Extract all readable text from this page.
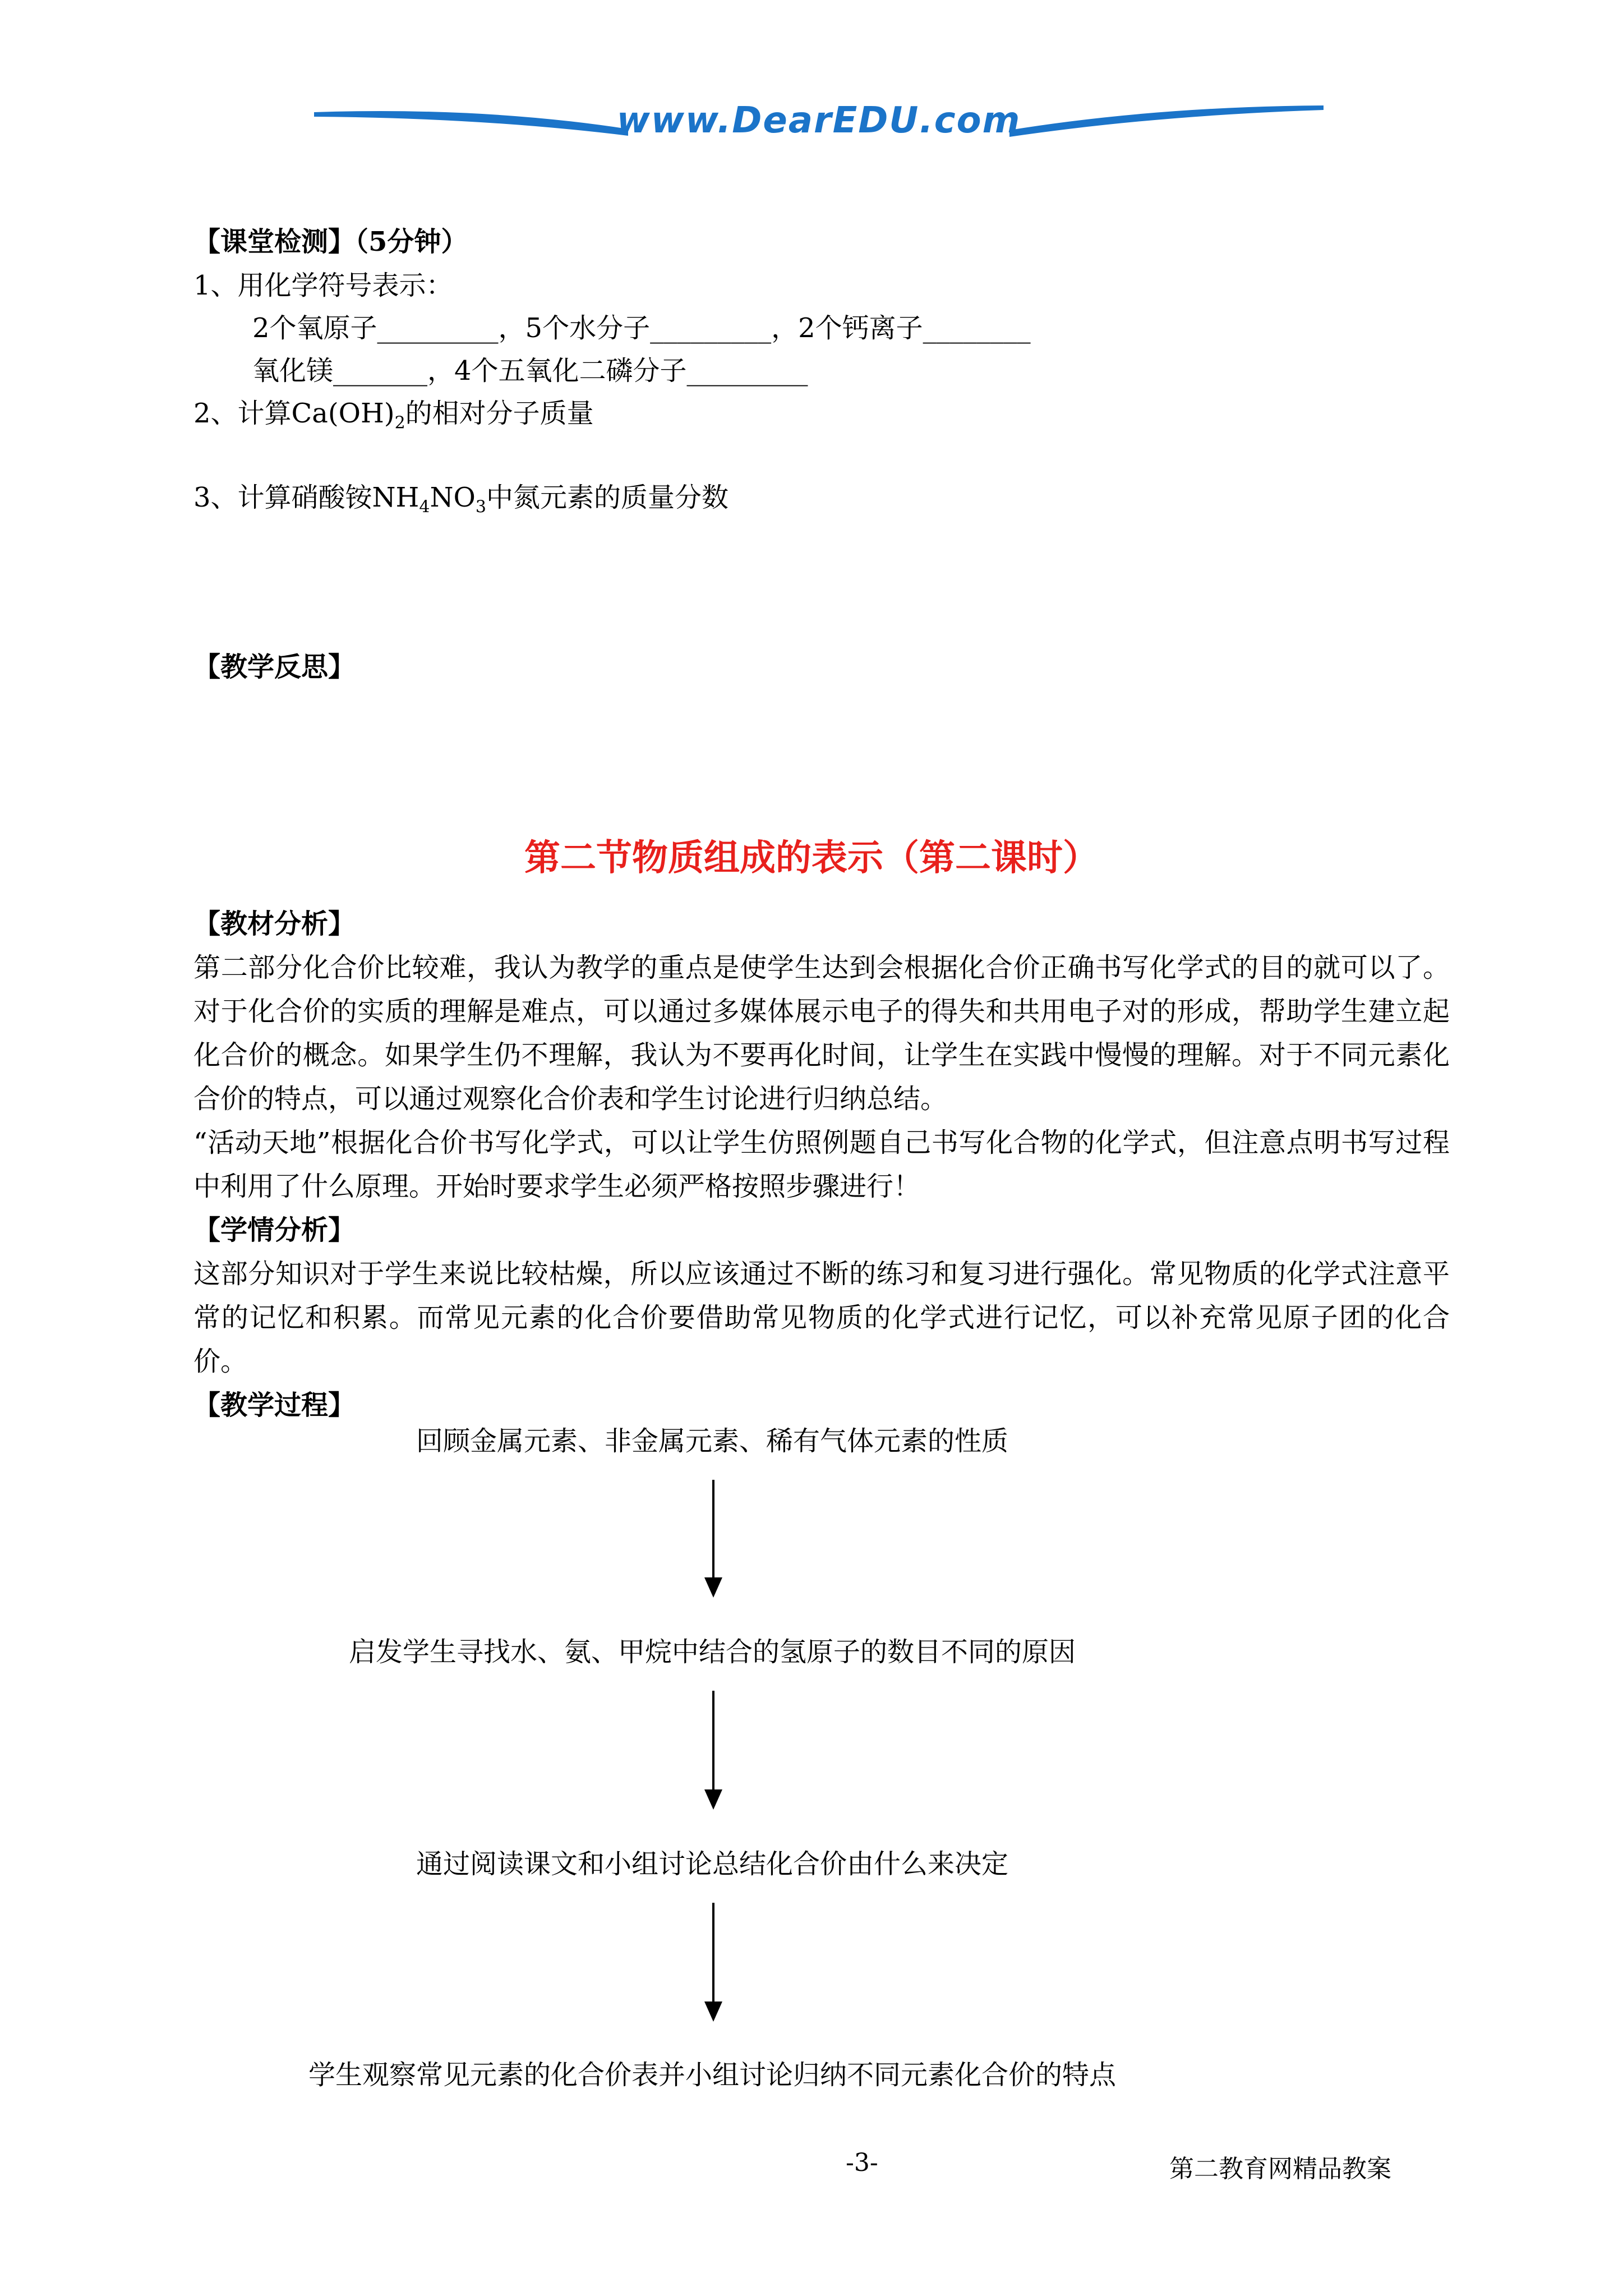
www.DearEDU.com
【课堂检测】（5分钟）
1、用化学符号表示：
2个氧原子_________，5个水分子_________，2个钙离子________
氧化镁_______，4个五氧化二磷分子_________
2、计算$Ca(OH)_2$的相对分子质量
3、计算硝酸铵$NH_4NO_3$中氮元素的质量分数
【教学反思】
第二节物质组成的表示（第二课时）
【教材分析】
第二部分化合价比较难，我认为教学的重点是使学生达到会根据化合价正确书写化学式的目的就可以了。对于化合价的实质的理解是难点，可以通过多媒体展示电子的得失和共用电子对的形成，帮助学生建立起化合价的概念。如果学生仍不理解，我认为不要再化时间，让学生在实践中慢慢的理解。对于不同元素化合价的特点，可以通过观察化合价表和学生讨论进行归纳总结。
“活动天地”根据化合价书写化学式，可以让学生仿照例题自己书写化合物的化学式，但注意点明书写过程中利用了什么原理。开始时要求学生必须严格按照步骤进行！
【学情分析】
这部分知识对于学生来说比较枯燥，所以应该通过不断的练习和复习进行强化。常见物质的化学式注意平常的记忆和积累。而常见元素的化合价要借助常见物质的化学式进行记忆，可以补充常见原子团的化合价。
【教学过程】
回顾金属元素、非金属元素、稀有气体元素的性质
启发学生寻找水、氨、甲烷中结合的氢原子的数目不同的原因
通过阅读课文和小组讨论总结化合价由什么来决定
学生观察常见元素的化合价表并小组讨论归纳不同元素化合价的特点
-3-	第二教育网精品教案
